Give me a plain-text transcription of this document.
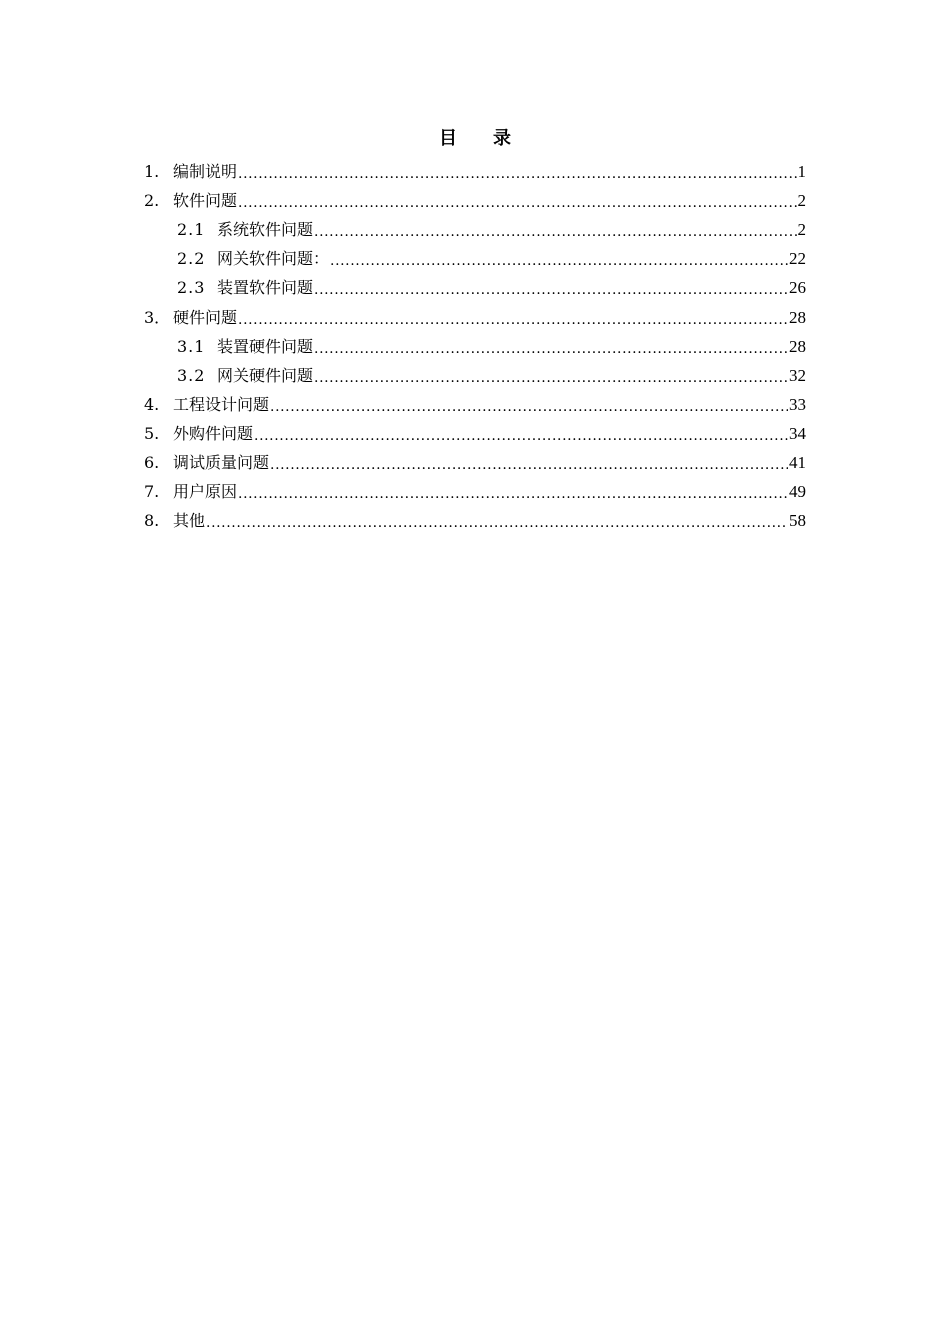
目　　录
1. 编制说明 .....	1
2. 软件问题 .....	2
2.1 系统软件问题 .....	2
2.2 网关软件问题： .....	22
2.3 装置软件问题 .....	26
3． 硬件问题 .....	28
3.1 装置硬件问题 .....	28
3.2 网关硬件问题 .....	32
4. 工程设计问题 .....	33
5. 外购件问题 .....	34
6. 调试质量问题 .....	41
7. 用户原因 .....	49
8. 其他 .....	58
